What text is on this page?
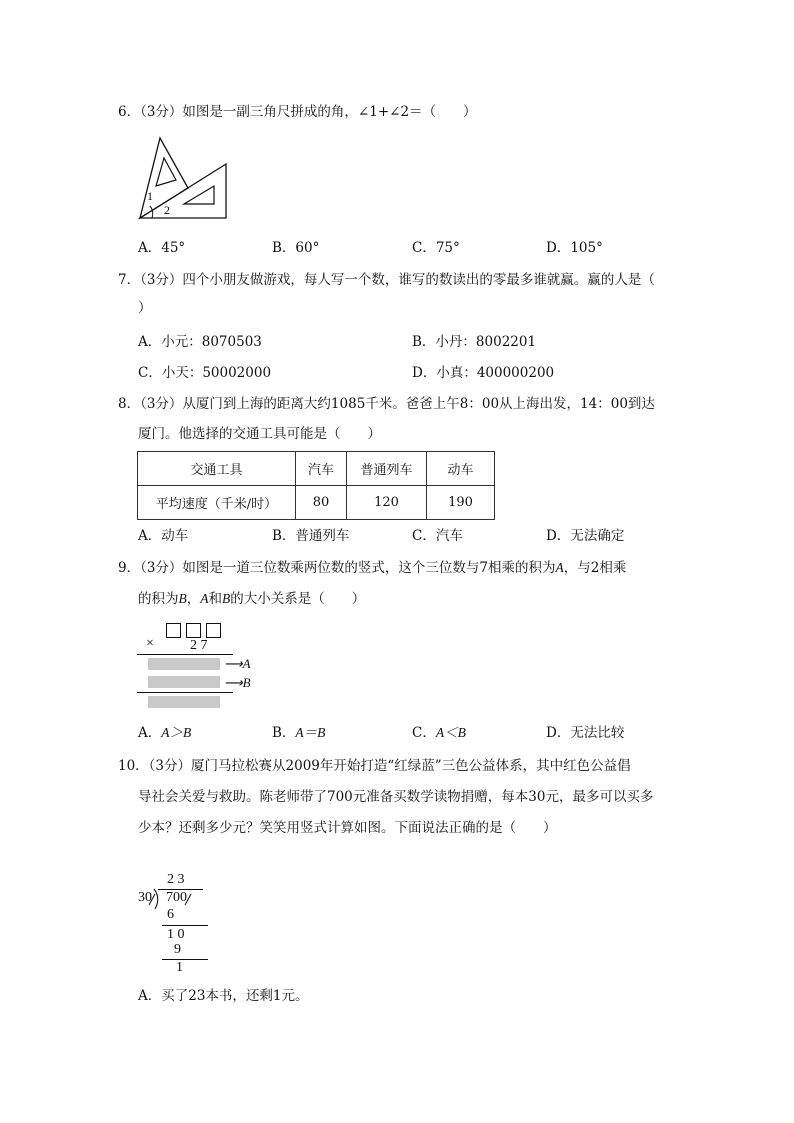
6．（3分）如图是一副三角尺拼成的角，∠1+∠2＝（　　）
1
2
A．45°	B．60°	C．75°	D．105°
7．（3分）四个小朋友做游戏，每人写一个数，谁写的数读出的零最多谁就赢。赢的人是（
）
A．小元：8070503	B．小丹：8002201
C．小天：50002000	D．小真：400000200
8．（3分）从厦门到上海的距离大约1085千米。爸爸上午8：00从上海出发，14：00到达
厦门。他选择的交通工具可能是（　　）
交通工具	汽车	普通列车	动车
平均速度（千米/时）	80	120	190
A．动车	B．普通列车	C．汽车	D．无法确定
9．（3分）如图是一道三位数乘两位数的竖式，这个三位数与7相乘的积为A，与2相乘
的积为B，A和B的大小关系是（　　）
×	2 7
⟶A
⟶B
A．A＞B	B．A＝B	C．A＜B	D．无法比较
10．（3分）厦门马拉松赛从2009年开始打造“红绿蓝”三色公益体系，其中红色公益倡
导社会关爱与救助。陈老师带了700元准备买数学读物捐赠，每本30元，最多可以买多
少本？还剩多少元？笑笑用竖式计算如图。下面说法正确的是（　　）
2 3
30 700
6
1 0
9
1
A．买了23本书，还剩1元。
